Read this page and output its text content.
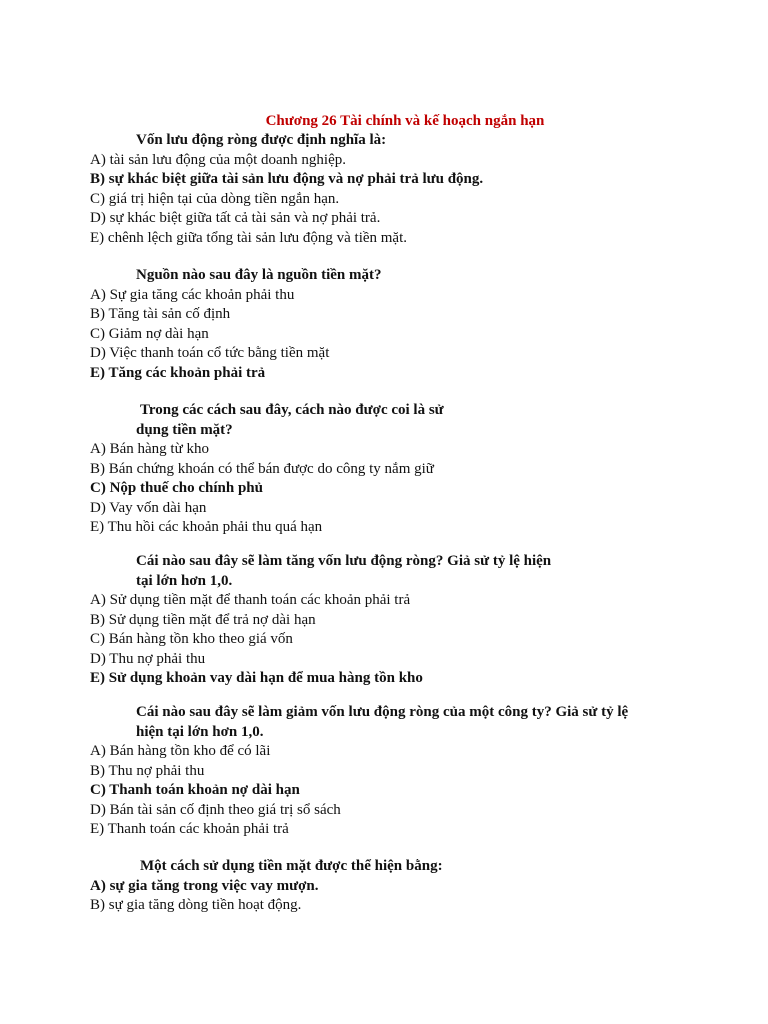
Chương 26 Tài chính và kế hoạch ngắn hạn

Vốn lưu động ròng được định nghĩa là:

A) tài sản lưu động của một doanh nghiệp.

B) sự khác biệt giữa tài sản lưu động và nợ phải trả lưu động.

C) giá trị hiện tại của dòng tiền ngắn hạn.

D) sự khác biệt giữa tất cả tài sản và nợ phải trả.

E) chênh lệch giữa tổng tài sản lưu động và tiền mặt.

Nguồn nào sau đây là nguồn tiền mặt?

A) Sự gia tăng các khoản phải thu

B) Tăng tài sản cố định

C) Giảm nợ dài hạn

D) Việc thanh toán cổ tức bằng tiền mặt

E) Tăng các khoản phải trả

Trong các cách sau đây, cách nào được coi là sử

dụng tiền mặt?

A) Bán hàng từ kho

B) Bán chứng khoán có thể bán được do công ty nắm giữ

C) Nộp thuế cho chính phủ

D) Vay vốn dài hạn

E) Thu hồi các khoản phải thu quá hạn

Cái nào sau đây sẽ làm tăng vốn lưu động ròng? Giả sử tỷ lệ hiện

tại lớn hơn 1,0.

A) Sử dụng tiền mặt để thanh toán các khoản phải trả

B) Sử dụng tiền mặt để trả nợ dài hạn

C) Bán hàng tồn kho theo giá vốn

D) Thu nợ phải thu

E) Sử dụng khoản vay dài hạn để mua hàng tồn kho

Cái nào sau đây sẽ làm giảm vốn lưu động ròng của một công ty? Giả sử tỷ lệ

hiện tại lớn hơn 1,0.

A) Bán hàng tồn kho để có lãi

B) Thu nợ phải thu

C) Thanh toán khoản nợ dài hạn

D) Bán tài sản cố định theo giá trị sổ sách

E) Thanh toán các khoản phải trả

Một cách sử dụng tiền mặt được thể hiện bằng:

A) sự gia tăng trong việc vay mượn.

B) sự gia tăng dòng tiền hoạt động.
